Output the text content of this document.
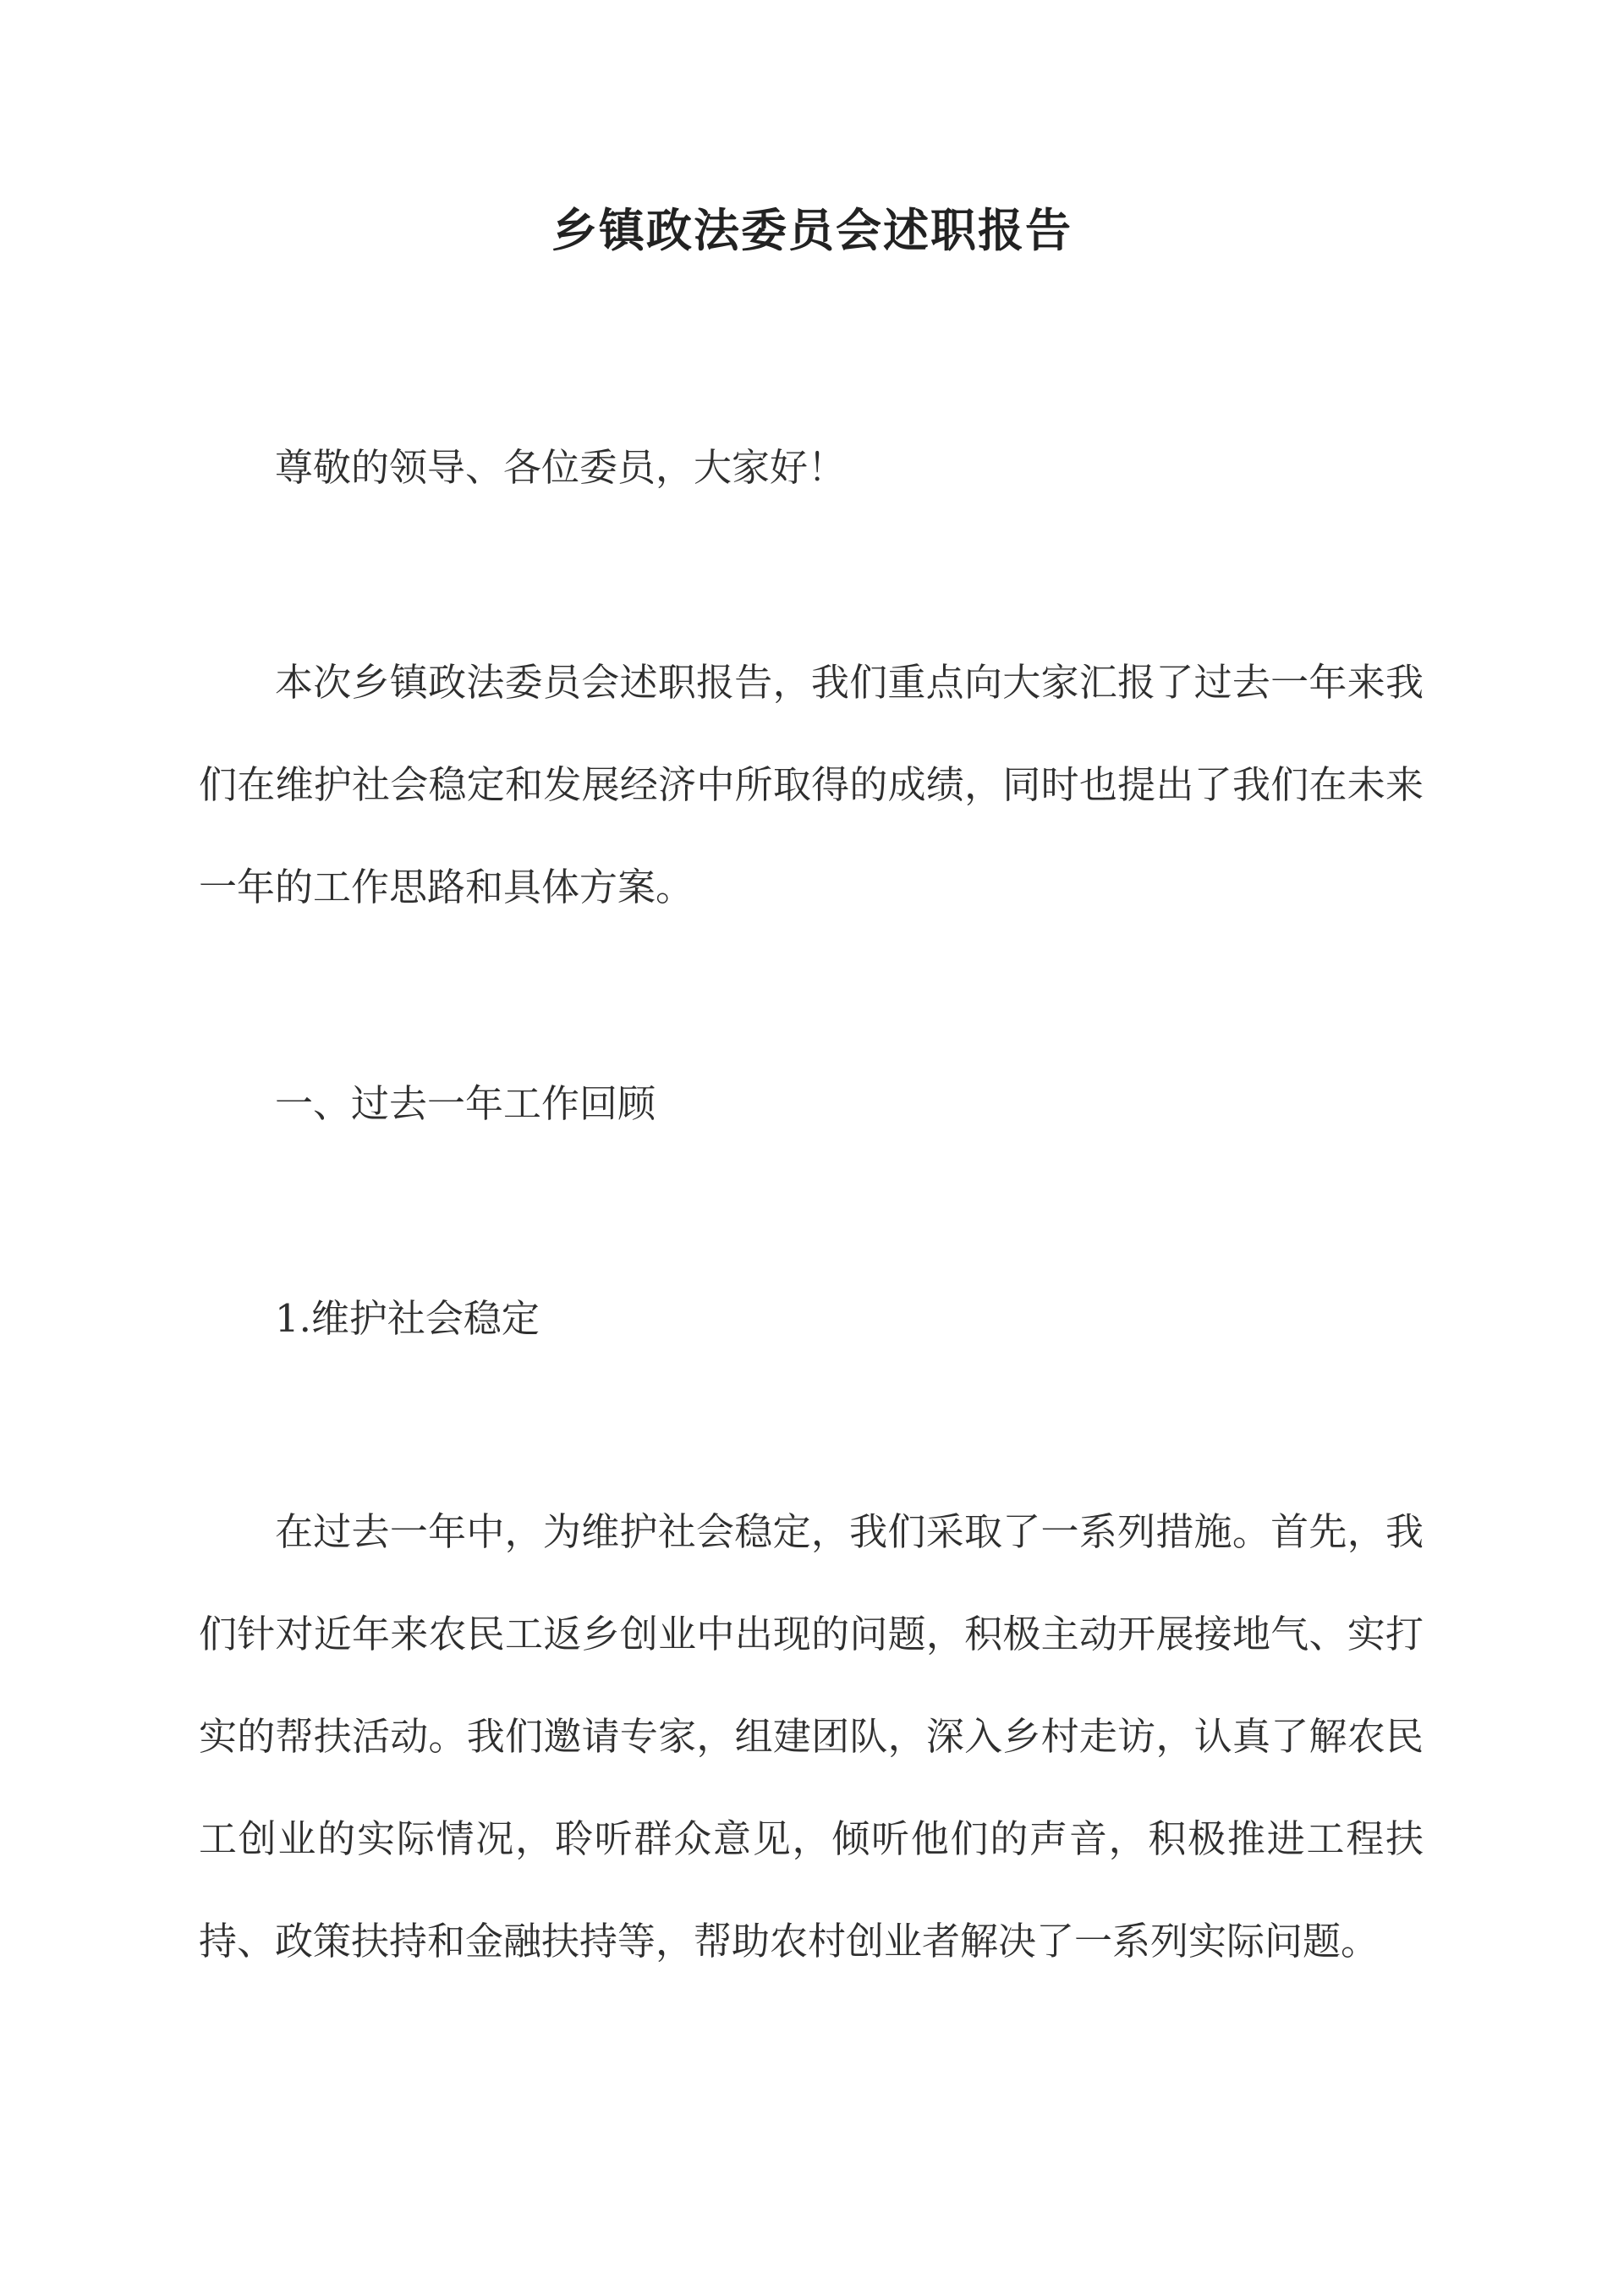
乡镇政法委员会述职报告

尊敬的领导、各位委员，大家好！

本次乡镇政法委员会述职报告，我们重点向大家汇报了过去一年来我们在维护社会稳定和发展经济中所取得的成绩，同时也提出了我们在未来一年的工作思路和具体方案。

一、过去一年工作回顾

1.维护社会稳定

在过去一年中，为维护社会稳定，我们采取了一系列措施。首先，我们针对近年来农民工返乡创业中出现的问题，积极主动开展接地气、实打实的帮扶活动。我们邀请专家，组建团队，深入乡村走访，认真了解农民工创业的实际情况，聆听群众意见，倾听他们的声音，积极推进工程扶持、政策扶持和金融扶持等，帮助农村创业者解决了一系列实际问题。
